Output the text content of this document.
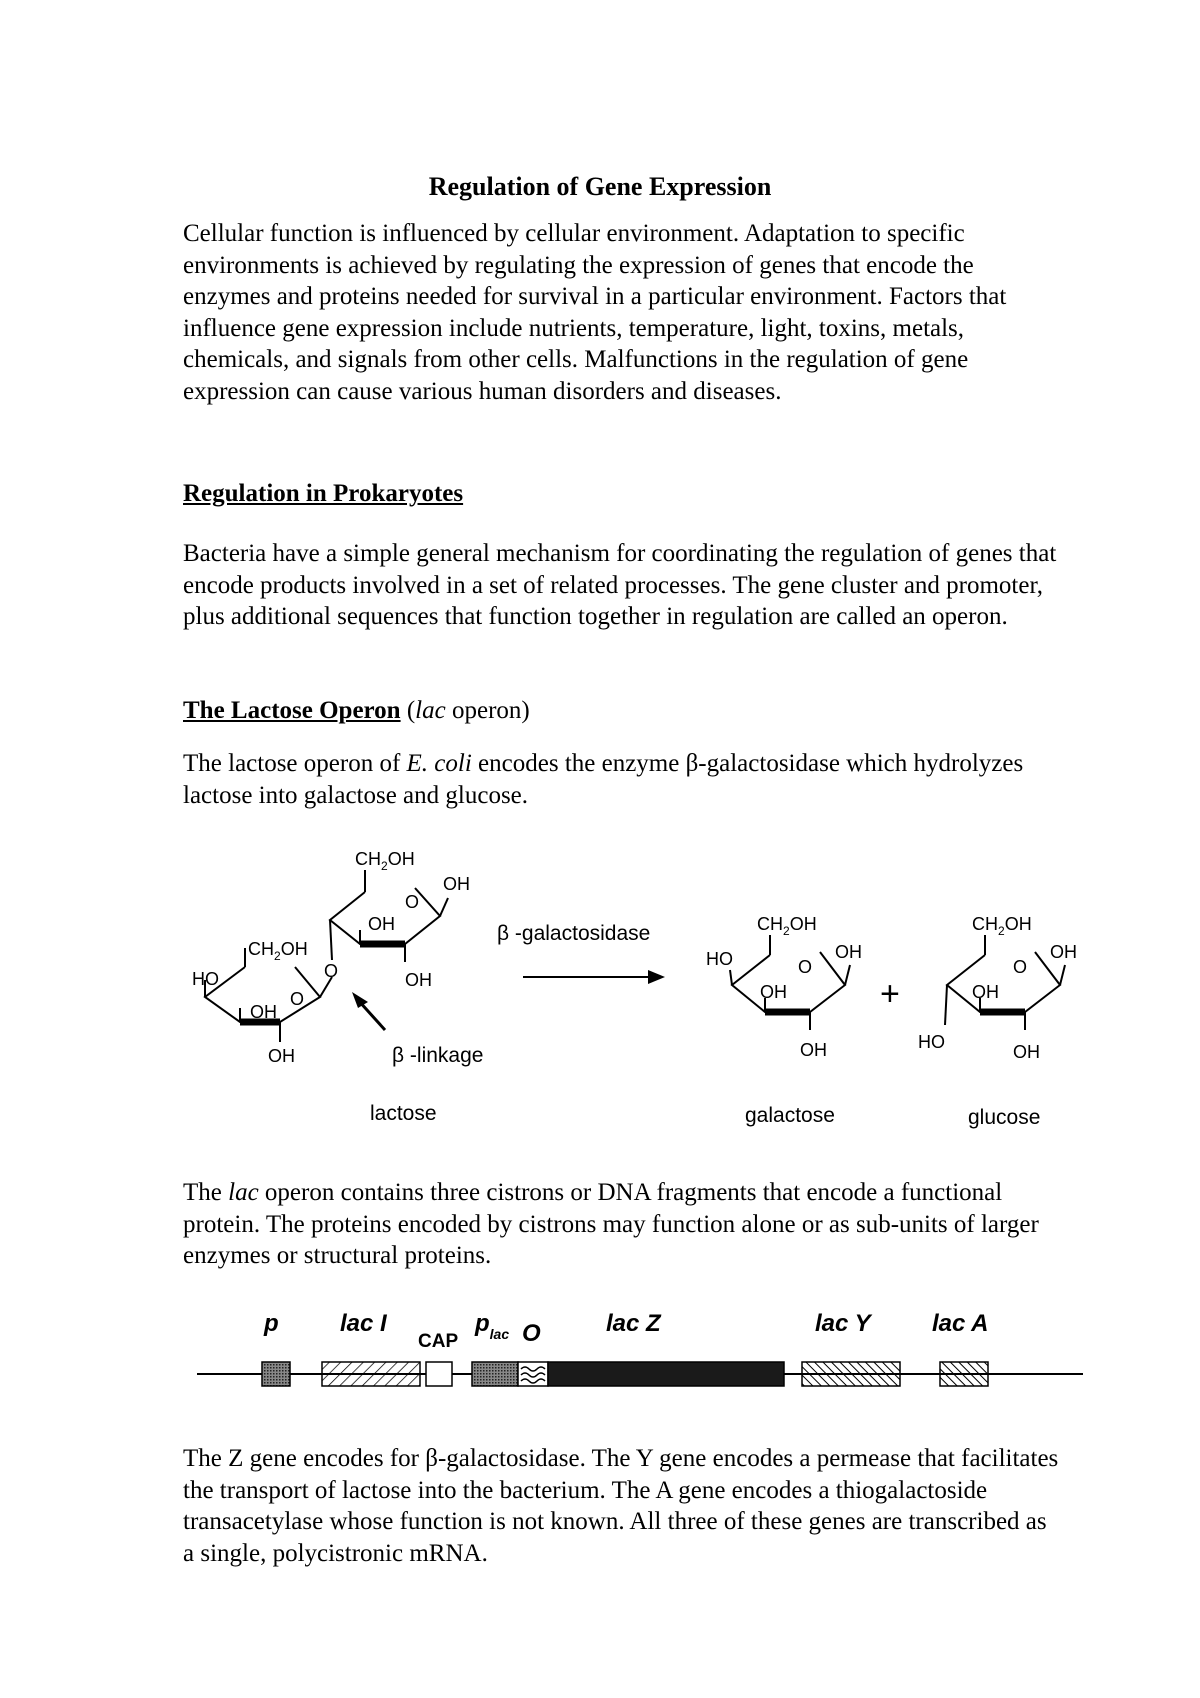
Regulation of Gene Expression

Cellular function is influenced by cellular environment. Adaptation to specific environments is achieved by regulating the expression of genes that encode the enzymes and proteins needed for survival in a particular environment. Factors that influence gene expression include nutrients, temperature, light, toxins, metals, chemicals, and signals from other cells. Malfunctions in the regulation of gene expression can cause various human disorders and diseases.

Regulation in Prokaryotes

Bacteria have a simple general mechanism for coordinating the regulation of genes that encode products involved in a set of related processes. The gene cluster and promoter, plus additional sequences that function together in regulation are called an operon.

The Lactose Operon (lac operon)

The lactose operon of E. coli encodes the enzyme β-galactosidase which hydrolyzes lactose into galactose and glucose.

$CH_2OH$
HO
OH
O
OH
O
$CH_2OH$
OH
O
OH
OH
β -linkage
lactose
β -galactosidase	$CH_2OH$
HO	OH
O
OH
OH
galactose
+
$CH_2OH$
OH
O
OH
HO	OH
glucose

The lac operon contains three cistrons or DNA fragments that encode a functional protein. The proteins encoded by cistrons may function alone or as sub-units of larger enzymes or structural proteins.

p	lac I	lac Z	lac Y	lac A
$p_{lac}$ O
CAP

The Z gene encodes for β-galactosidase. The Y gene encodes a permease that facilitates the transport of lactose into the bacterium. The A gene encodes a thiogalactoside transacetylase whose function is not known. All three of these genes are transcribed as a single, polycistronic mRNA.
